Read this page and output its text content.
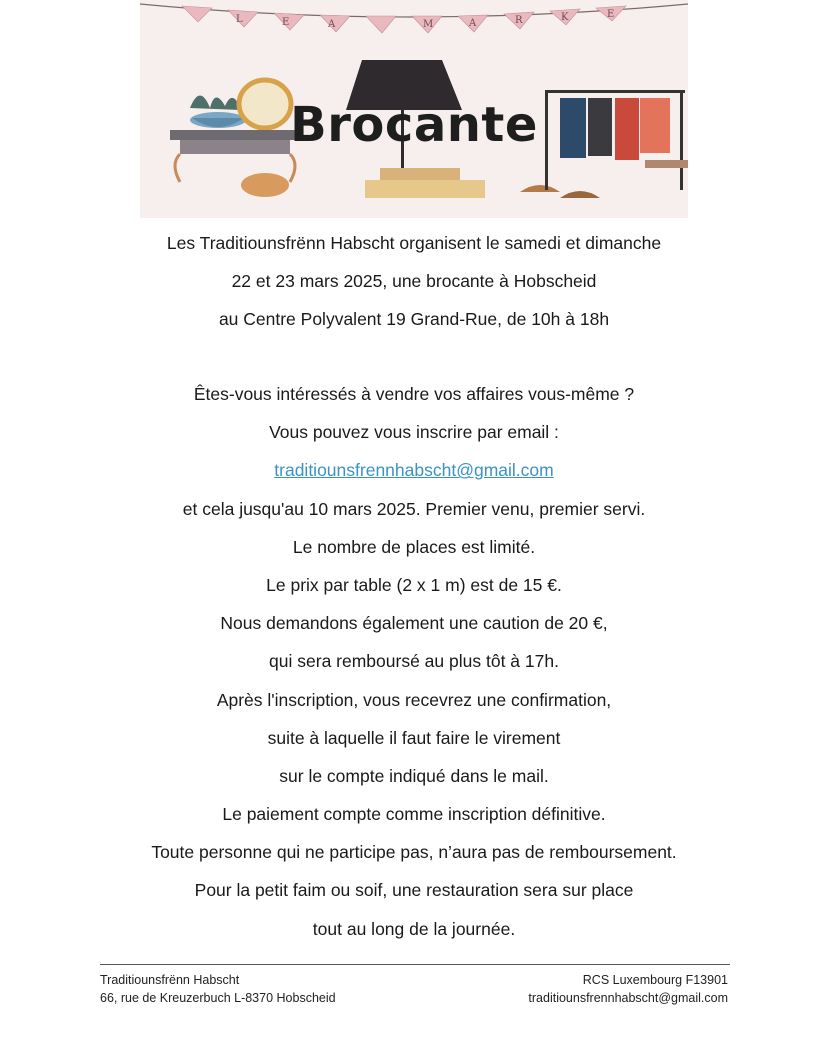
L	E	A	M	A	R	K	E
Brocante
Les Traditiounsfrënn Habscht organisent le samedi et dimanche
22 et 23 mars 2025, une brocante à Hobscheid
au Centre Polyvalent 19 Grand-Rue, de 10h à 18h
Êtes-vous intéressés à vendre vos affaires vous-même ?
Vous pouvez vous inscrire par email :
traditiounsfrennhabscht@gmail.com
et cela jusqu'au 10 mars 2025. Premier venu, premier servi.
Le nombre de places est limité.
Le prix par table (2 x 1 m) est de 15 €.
Nous demandons également une caution de 20 €,
qui sera remboursé au plus tôt à 17h.
Après l'inscription, vous recevrez une confirmation,
suite à laquelle il faut faire le virement
sur le compte indiqué dans le mail.
Le paiement compte comme inscription définitive.
Toute personne qui ne participe pas, n’aura pas de remboursement.
Pour la petit faim ou soif, une restauration sera sur place
tout au long de la journée.
Traditiounsfrënn Habscht
66, rue de Kreuzerbuch L-8370 Hobscheid
RCS Luxembourg F13901
traditiounsfrennhabscht@gmail.com
